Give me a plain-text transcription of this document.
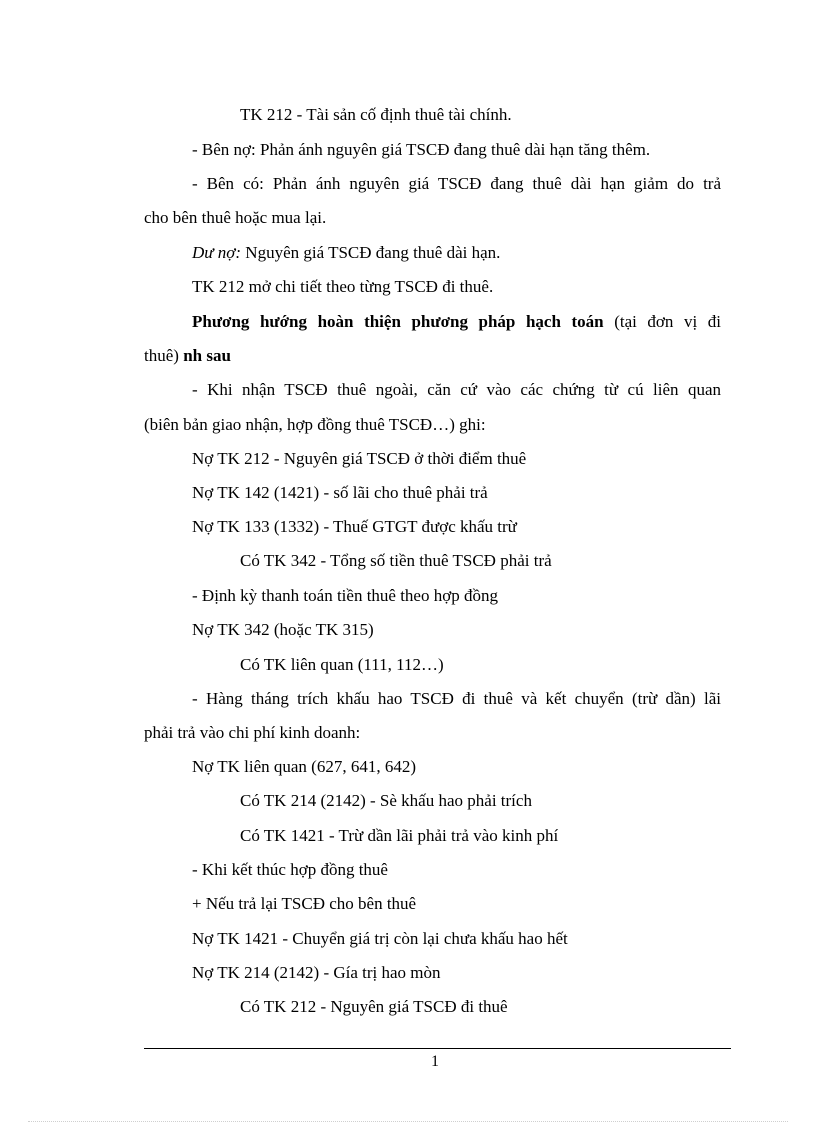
TK 212 - Tài sản cố định thuê tài chính.

- Bên nợ: Phản ánh nguyên giá TSCĐ đang thuê dài hạn tăng thêm.

- Bên có: Phản ánh nguyên giá TSCĐ đang thuê dài hạn giảm do trả

cho bên thuê hoặc mua lại.

Dư nợ: Nguyên giá TSCĐ đang thuê dài hạn.

TK 212 mở chi tiết theo từng TSCĐ đi thuê.

Phương hướng hoàn thiện phương pháp hạch toán (tại đơn vị đi

thuê) nh sau

- Khi nhận TSCĐ thuê ngoài, căn cứ vào các chứng từ cú liên quan

(biên bản giao nhận, hợp đồng thuê TSCĐ…) ghi:

Nợ TK 212 - Nguyên giá TSCĐ ở thời điểm thuê

Nợ TK 142 (1421) - số lãi cho thuê phải trả

Nợ TK 133 (1332) - Thuế GTGT được khấu trừ

Có TK 342 - Tổng số tiền thuê TSCĐ phải trả

- Định kỳ thanh toán tiền thuê theo hợp đồng

Nợ TK 342 (hoặc TK 315)

Có TK liên quan (111, 112…)

- Hàng tháng trích khấu hao TSCĐ đi thuê và kết chuyển (trừ dần) lãi

phải trả vào chi phí kinh doanh:

Nợ TK liên quan (627, 641, 642)

Có TK 214 (2142) - Sè khấu hao phải trích

Có TK 1421 - Trừ dần lãi phải trả vào kinh phí

- Khi kết thúc hợp đồng thuê

+ Nếu trả lại TSCĐ cho bên thuê

Nợ TK 1421 - Chuyển giá trị còn lại chưa khấu hao hết

Nợ TK 214 (2142) - Gía trị hao mòn

Có TK 212 - Nguyên giá TSCĐ đi thuê

1
